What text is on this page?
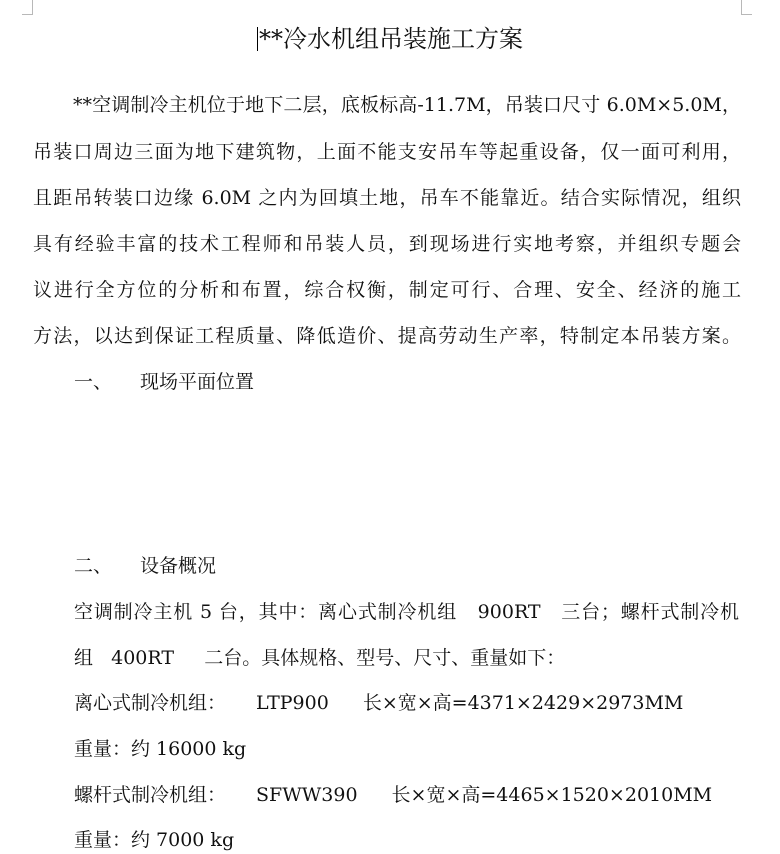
**冷水机组吊装施工方案
**空调制冷主机位于地下二层，底板标高-11.7M，吊装口尺寸 6.0M×5.0M，
吊装口周边三面为地下建筑物，上面不能支安吊车等起重设备，仅一面可利用，
且距吊转装口边缘 6.0M 之内为回填土地，吊车不能靠近。结合实际情况，组织
具有经验丰富的技术工程师和吊装人员，到现场进行实地考察，并组织专题会
议进行全方位的分析和布置，综合权衡，制定可行、合理、安全、经济的施工
方法，以达到保证工程质量、降低造价、提高劳动生产率，特制定本吊装方案。
一、 现场平面位置
二、 设备概况
空调制冷主机 5 台，其中：离心式制冷机组   900RT   三台；螺杆式制冷机
组   400RT     二台。具体规格、型号、尺寸、重量如下：
离心式制冷机组： LTP900 长×宽×高=4371×2429×2973MM
重量：约 16000 kg
螺杆式制冷机组： SFWW390 长×宽×高=4465×1520×2010MM
重量：约 7000 kg
